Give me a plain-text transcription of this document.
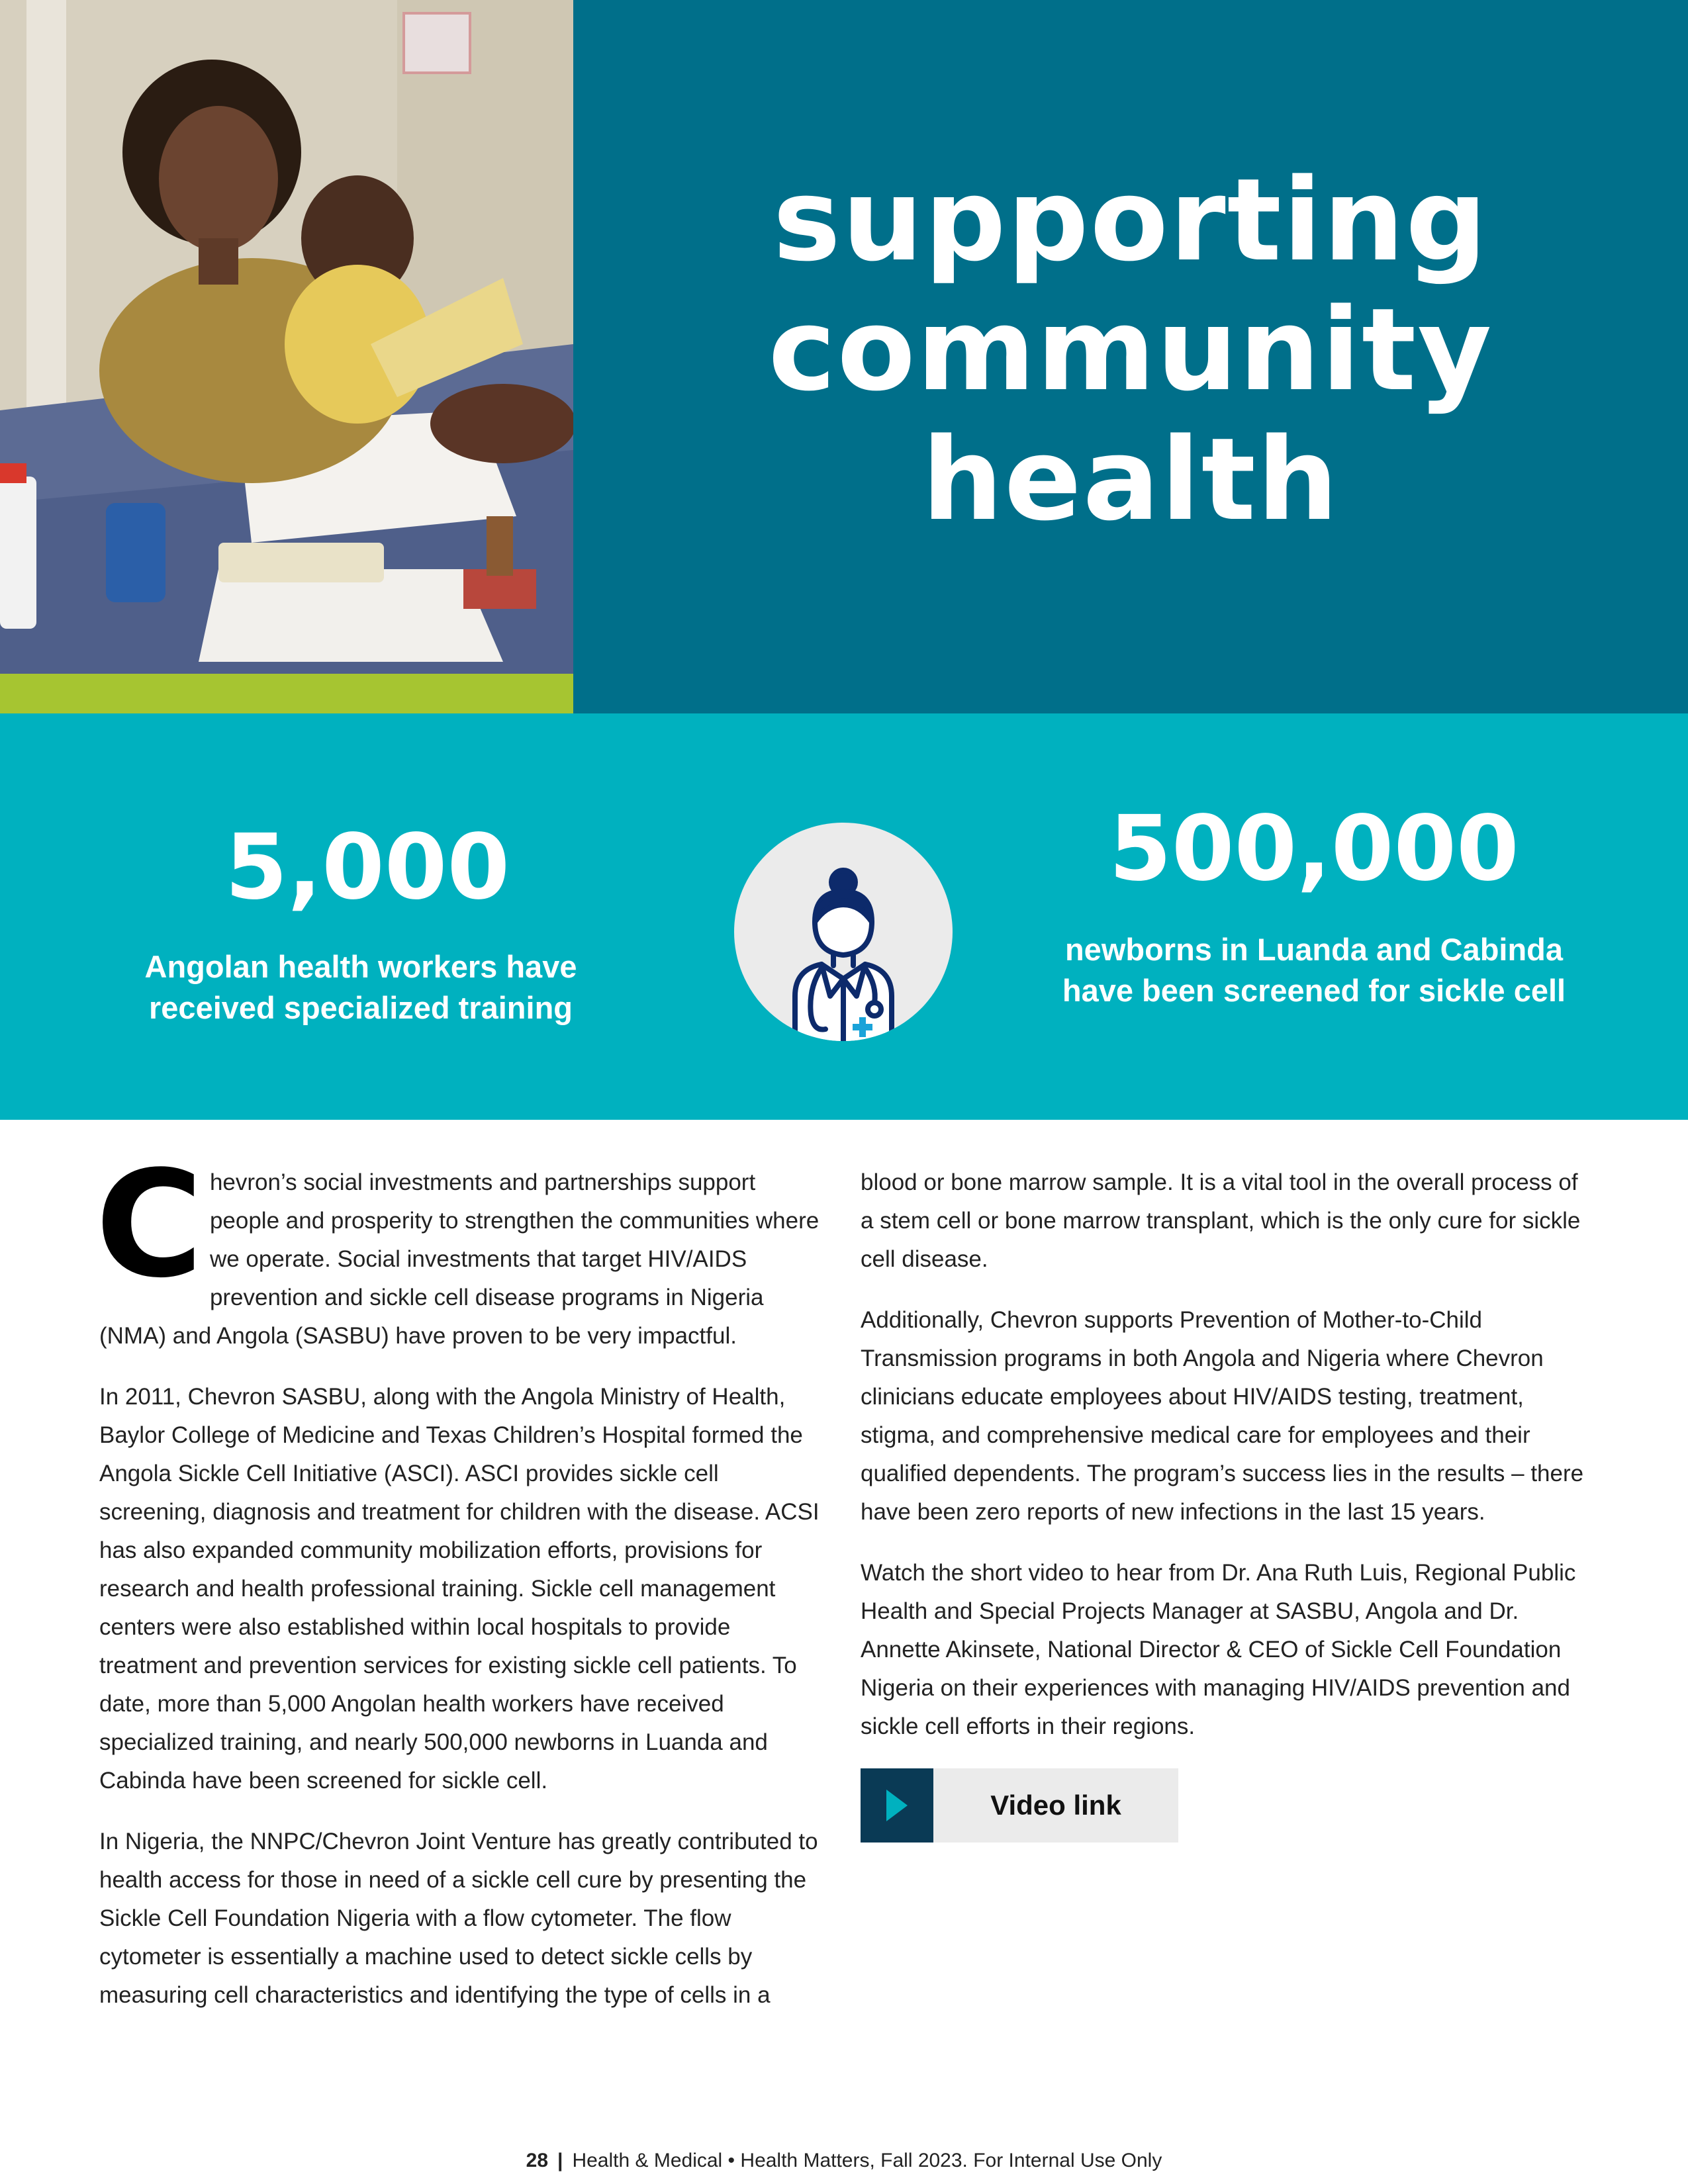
supporting community health

5,000

Angolan health workers have received specialized training

500,000

newborns in Luanda and Cabinda have been screened for sickle cell

Chevron’s social investments and partnerships support people and prosperity to strengthen the communities where we operate. Social investments that target HIV/AIDS prevention and sickle cell disease programs in Nigeria (NMA) and Angola (SASBU) have proven to be very impactful.

In 2011, Chevron SASBU, along with the Angola Ministry of Health, Baylor College of Medicine and Texas Children’s Hospital formed the Angola Sickle Cell Initiative (ASCI). ASCI provides sickle cell screening, diagnosis and treatment for children with the disease. ACSI has also expanded community mobilization efforts, provisions for research and health professional training. Sickle cell management centers were also established within local hospitals to provide treatment and prevention services for existing sickle cell patients. To date, more than 5,000 Angolan health workers have received specialized training, and nearly 500,000 newborns in Luanda and Cabinda have been screened for sickle cell.

In Nigeria, the NNPC/Chevron Joint Venture has greatly contributed to health access for those in need of a sickle cell cure by presenting the Sickle Cell Foundation Nigeria with a flow cytometer. The flow cytometer is essentially a machine used to detect sickle cells by measuring cell characteristics and identifying the type of cells in a

blood or bone marrow sample. It is a vital tool in the overall process of a stem cell or bone marrow transplant, which is the only cure for sickle cell disease.

Additionally, Chevron supports Prevention of Mother-to-Child Transmission programs in both Angola and Nigeria where Chevron clinicians educate employees about HIV/AIDS testing, treatment, stigma, and comprehensive medical care for employees and their qualified dependents. The program’s success lies in the results – there have been zero reports of new infections in the last 15 years.

Watch the short video to hear from Dr. Ana Ruth Luis, Regional Public Health and Special Projects Manager at SASBU, Angola and Dr. Annette Akinsete, National Director & CEO of Sickle Cell Foundation Nigeria on their experiences with managing HIV/AIDS prevention and sickle cell efforts in their regions.

Video link
28 | Health & Medical • Health Matters, Fall 2023. For Internal Use Only
